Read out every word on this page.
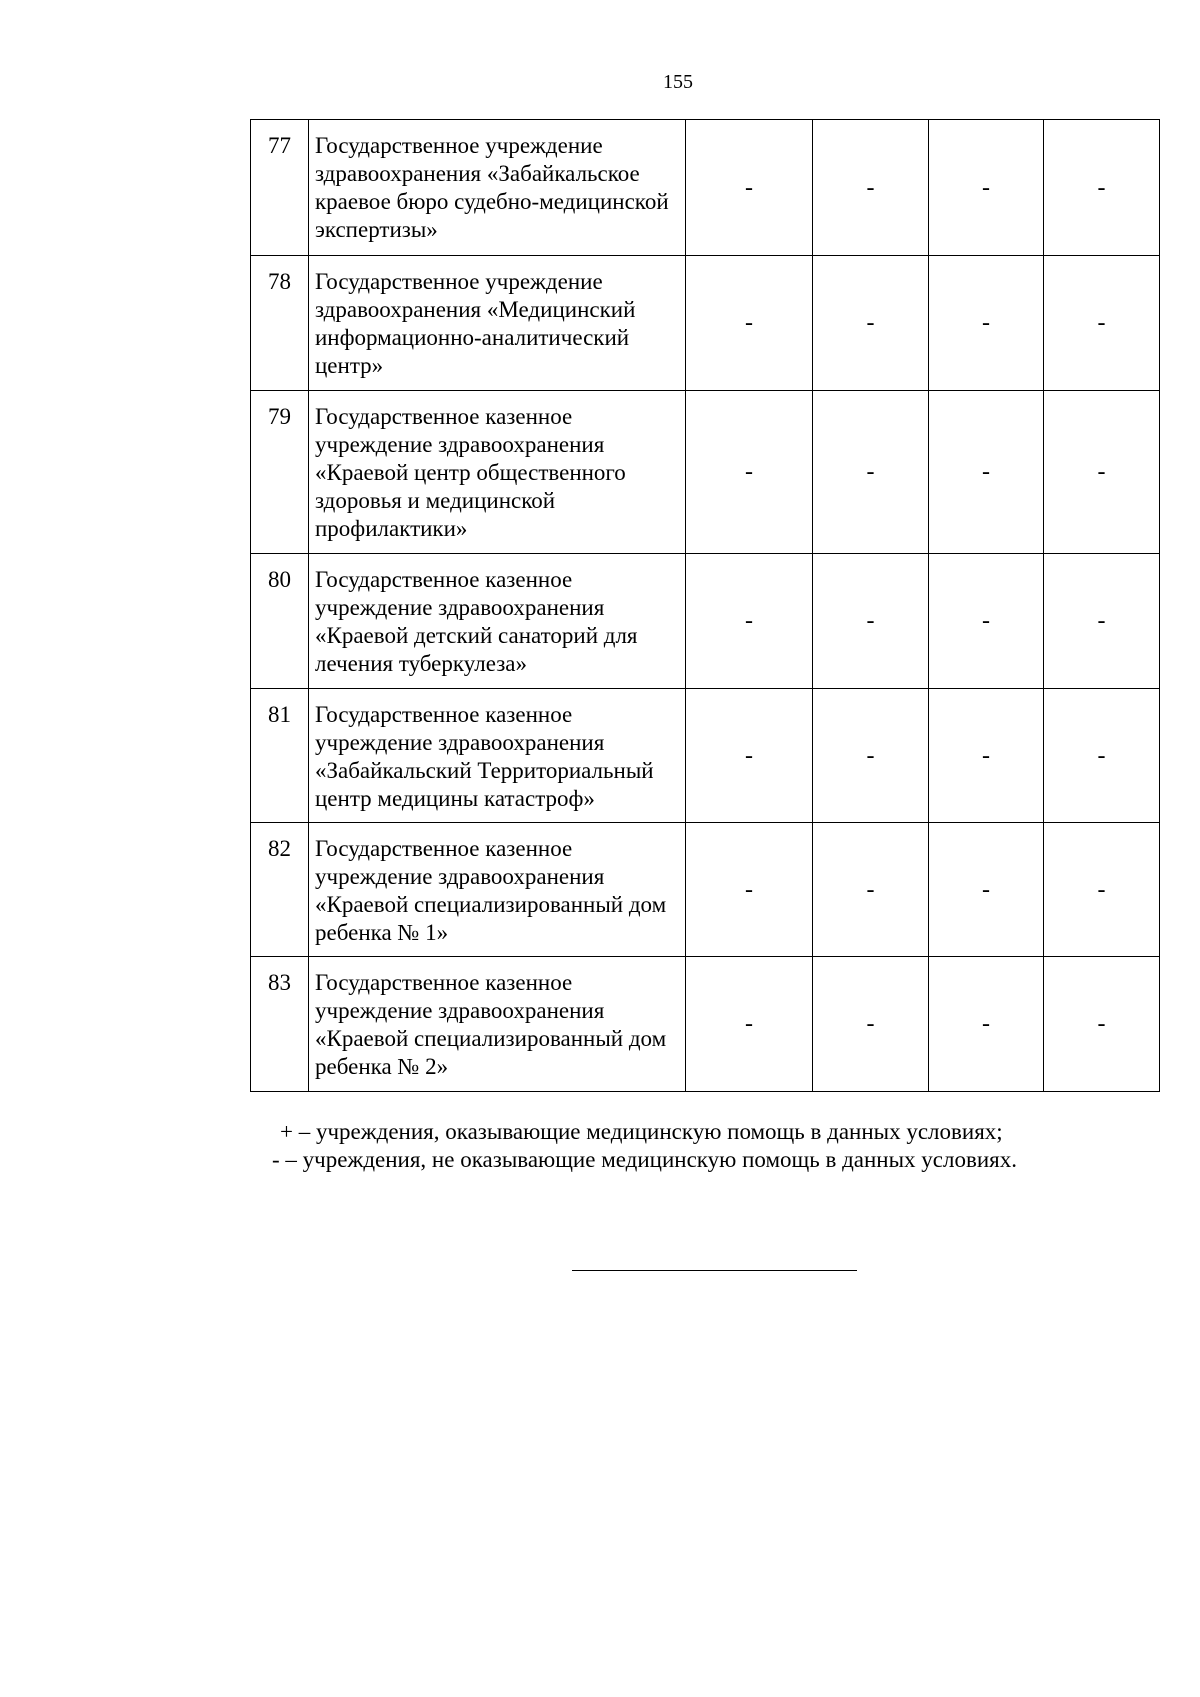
155
77	Государственное учреждение здравоохранения «Забайкальское краевое бюро судебно-медицинской экспертизы»	-	-	-	-
78	Государственное учреждение здравоохранения «Медицинский информационно-аналитический центр»	-	-	-	-
79	Государственное казенное учреждение здравоохранения «Краевой центр общественного здоровья и медицинской профилактики»	-	-	-	-
80	Государственное казенное учреждение здравоохранения «Краевой детский санаторий для лечения туберкулеза»	-	-	-	-
81	Государственное казенное учреждение здравоохранения «Забайкальский Территориальный центр медицины катастроф»	-	-	-	-
82	Государственное казенное учреждение здравоохранения «Краевой специализированный дом ребенка № 1»	-	-	-	-
83	Государственное казенное учреждение здравоохранения «Краевой специализированный дом ребенка № 2»	-	-	-	-
+ – учреждения, оказывающие медицинскую помощь в данных условиях;
- – учреждения, не оказывающие медицинскую помощь в данных условиях.
